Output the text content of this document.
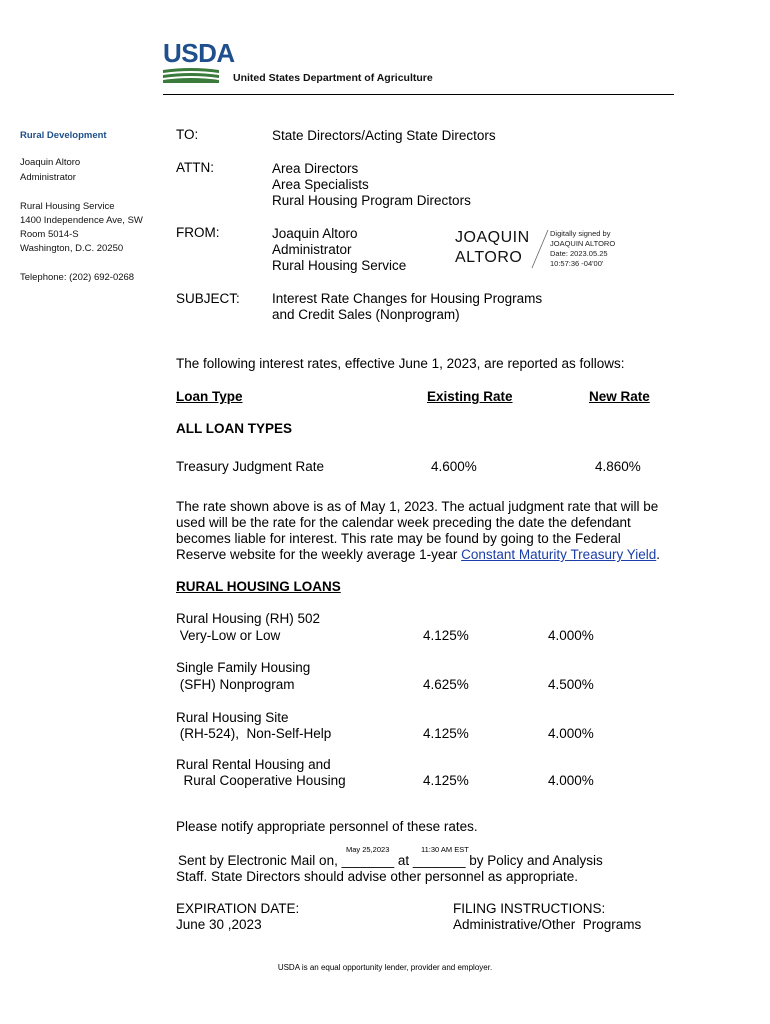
USDA
United States Department of Agriculture
Rural Development
Joaquin Altoro
Administrator
Rural Housing Service
1400 Independence Ave, SW
Room 5014-S
Washington, D.C. 20250
Telephone: (202) 692-0268
TO:	State Directors/Acting State Directors
ATTN:	Area Directors
Area Specialists
Rural Housing Program Directors
FROM:	Joaquin Altoro
Administrator
Rural Housing Service
JOAQUIN
ALTORO
Digitally signed by
JOAQUIN ALTORO
Date: 2023.05.25
10:57:36 -04'00'
SUBJECT: Interest Rate Changes for Housing Programs
and Credit Sales (Nonprogram)
The following interest rates, effective June 1, 2023, are reported as follows:
Loan Type	Existing Rate	New Rate
ALL LOAN TYPES
Treasury Judgment Rate	4.600%	4.860%
The rate shown above is as of May 1, 2023. The actual judgment rate that will be
used will be the rate for the calendar week preceding the date the defendant
becomes liable for interest. This rate may be found by going to the Federal
Reserve website for the weekly average 1-year Constant Maturity Treasury Yield.
RURAL HOUSING LOANS
Rural Housing (RH) 502
Very-Low or Low	4.125%	4.000%
Single Family Housing
(SFH) Nonprogram	4.625%	4.500%
Rural Housing Site
(RH-524),  Non-Self-Help	4.125%	4.000%
Rural Rental Housing and
Rural Cooperative Housing	4.125%	4.000%
Please notify appropriate personnel of these rates.
May 25,2023	11:30 AM EST
Sent by Electronic Mail on, _______ at _______ by Policy and Analysis
Staff. State Directors should advise other personnel as appropriate.
EXPIRATION DATE:
June 30 ,2023
FILING INSTRUCTIONS:
Administrative/Other  Programs
USDA is an equal opportunity lender, provider and employer.
